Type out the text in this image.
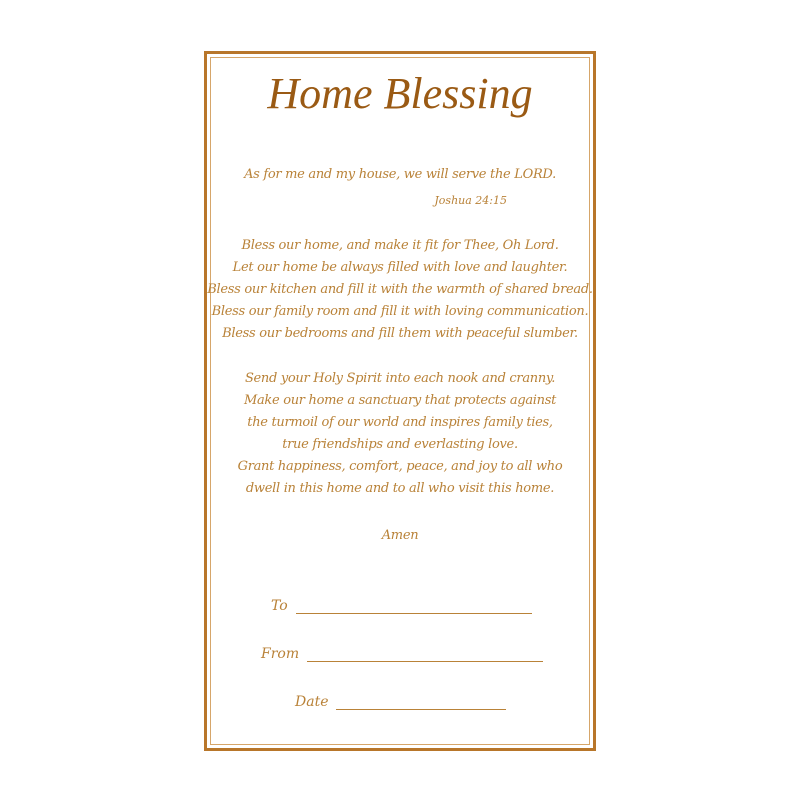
Home Blessing
As for me and my house, we will serve the LORD.
Joshua 24:15
Bless our home, and make it fit for Thee, Oh Lord.
Let our home be always filled with love and laughter.
Bless our kitchen and fill it with the warmth of shared bread.
Bless our family room and fill it with loving communication.
Bless our bedrooms and fill them with peaceful slumber.
Send your Holy Spirit into each nook and cranny.
Make our home a sanctuary that protects against
the turmoil of our world and inspires family ties,
true friendships and everlasting love.
Grant happiness, comfort, peace, and joy to all who
dwell in this home and to all who visit this home.
Amen
To
From
Date
